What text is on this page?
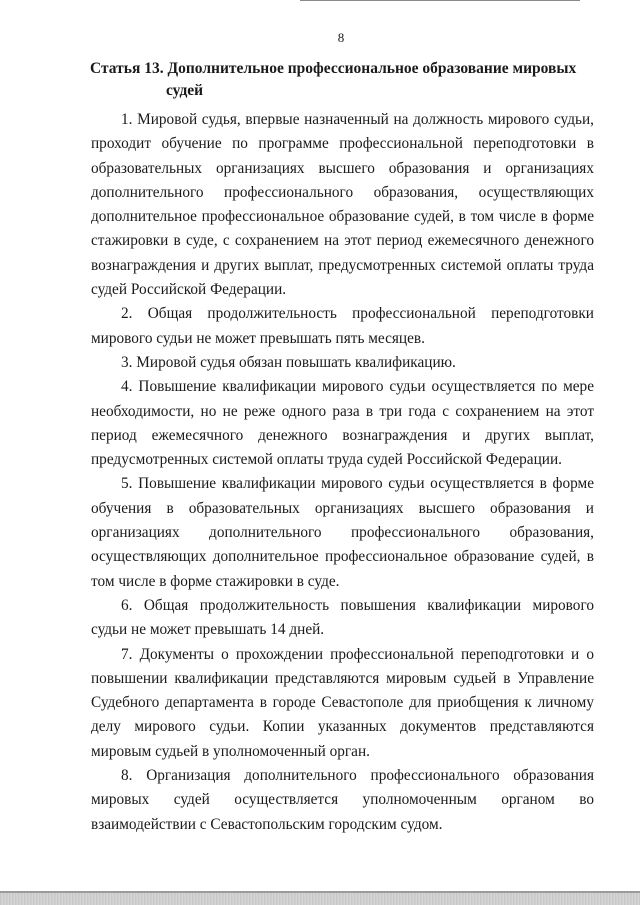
8
Статья 13. Дополнительное профессиональное образование мировых
судей

1. Мировой судья, впервые назначенный на должность мирового судьи, проходит обучение по программе профессиональной переподготовки в образовательных организациях высшего образования и организациях дополнительного профессионального образования, осуществляющих дополнительное профессиональное образование судей, в том числе в форме стажировки в суде, с сохранением на этот период ежемесячного денежного вознаграждения и других выплат, предусмотренных системой оплаты труда судей Российской Федерации.

2. Общая продолжительность профессиональной переподготовки мирового судьи не может превышать пять месяцев.

3. Мировой судья обязан повышать квалификацию.

4. Повышение квалификации мирового судьи осуществляется по мере необходимости, но не реже одного раза в три года с сохранением на этот период ежемесячного денежного вознаграждения и других выплат, предусмотренных системой оплаты труда судей Российской Федерации.

5. Повышение квалификации мирового судьи осуществляется в форме обучения в образовательных организациях высшего образования и организациях дополнительного профессионального образования, осуществляющих дополнительное профессиональное образование судей, в том числе в форме стажировки в суде.

6. Общая продолжительность повышения квалификации мирового судьи не может превышать 14 дней.

7. Документы о прохождении профессиональной переподготовки и о повышении квалификации представляются мировым судьей в Управление Судебного департамента в городе Севастополе для приобщения к личному делу мирового судьи. Копии указанных документов представляются мировым судьей в уполномоченный орган.

8. Организация дополнительного профессионального образования мировых судей осуществляется уполномоченным органом во взаимодействии с Севастопольским городским судом.
